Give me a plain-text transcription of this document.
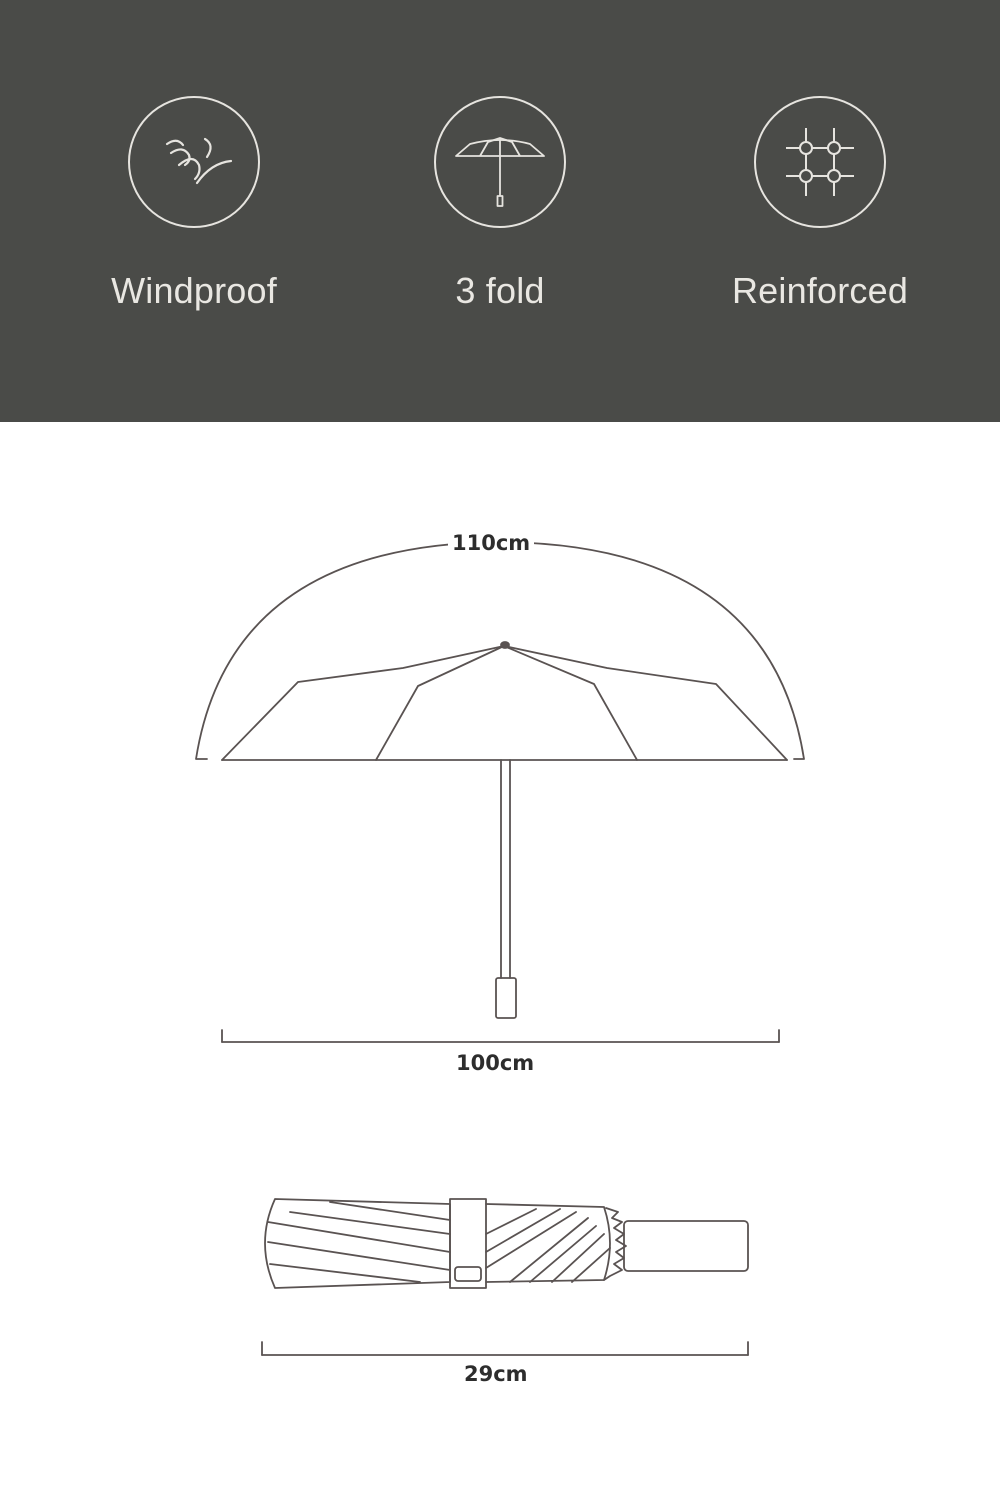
Windproof	3 fold	Reinforced
110cm
100cm
29cm
